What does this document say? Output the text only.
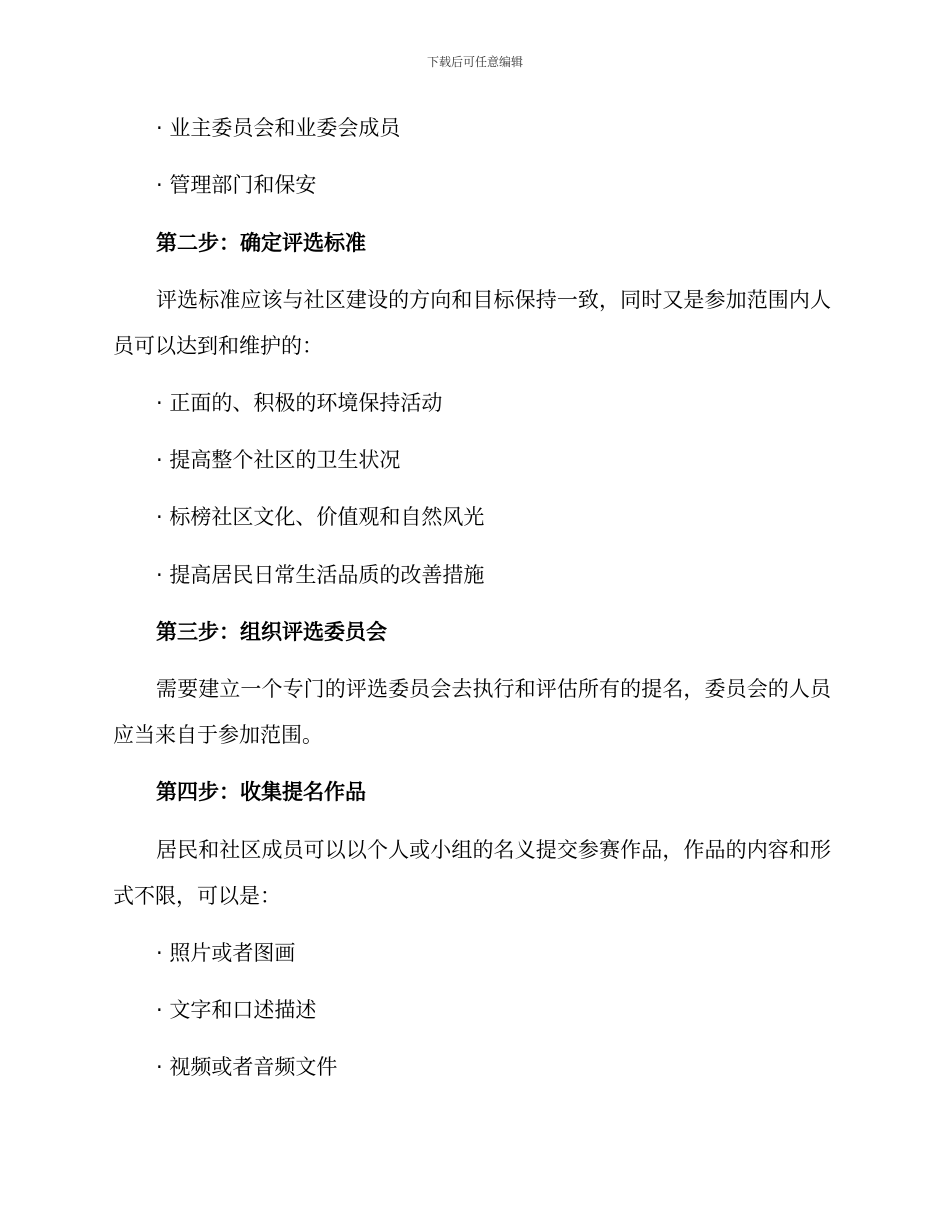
下载后可任意编辑
· 业主委员会和业委会成员
· 管理部门和保安
第二步：确定评选标准
评选标准应该与社区建设的方向和目标保持一致，同时又是参加范围内人员可以达到和维护的：
· 正面的、积极的环境保持活动
· 提高整个社区的卫生状况
· 标榜社区文化、价值观和自然风光
· 提高居民日常生活品质的改善措施
第三步：组织评选委员会
需要建立一个专门的评选委员会去执行和评估所有的提名，委员会的人员应当来自于参加范围。
第四步：收集提名作品
居民和社区成员可以以个人或小组的名义提交参赛作品，作品的内容和形式不限，可以是：
· 照片或者图画
· 文字和口述描述
· 视频或者音频文件
